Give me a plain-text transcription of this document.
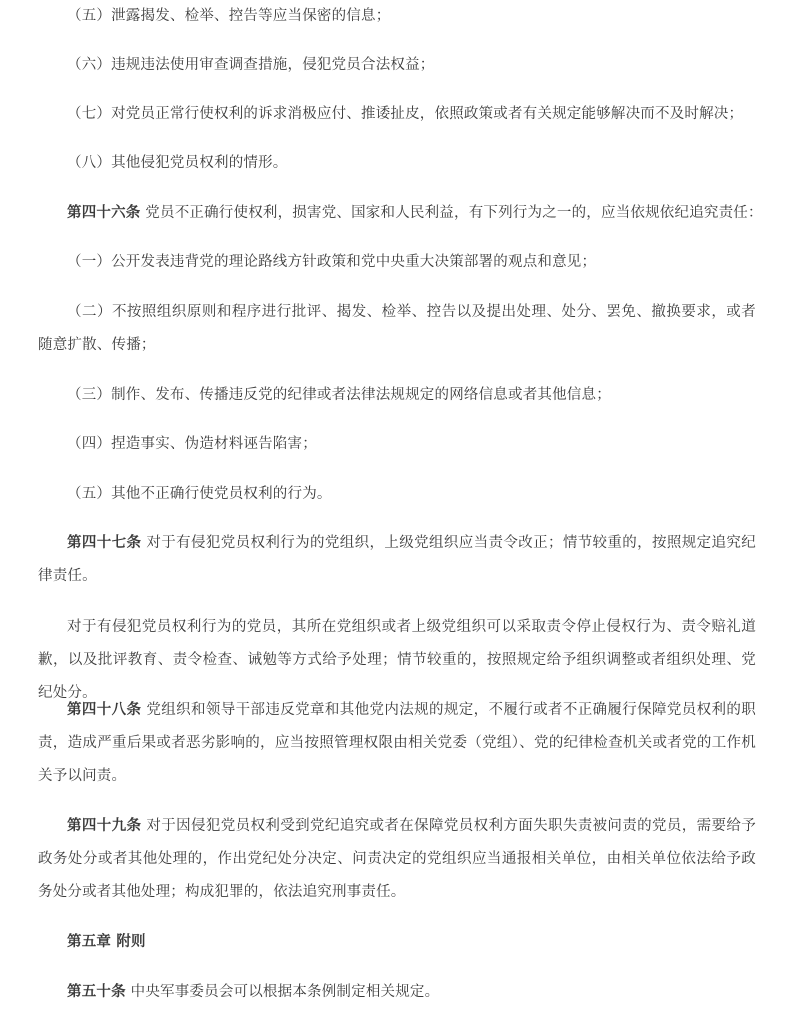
（五）泄露揭发、检举、控告等应当保密的信息；

（六）违规违法使用审查调查措施，侵犯党员合法权益；

（七）对党员正常行使权利的诉求消极应付、推诿扯皮，依照政策或者有关规定能够解决而不及时解决；

（八）其他侵犯党员权利的情形。

第四十六条 党员不正确行使权利，损害党、国家和人民利益，有下列行为之一的，应当依规依纪追究责任：

（一）公开发表违背党的理论路线方针政策和党中央重大决策部署的观点和意见；

（二）不按照组织原则和程序进行批评、揭发、检举、控告以及提出处理、处分、罢免、撤换要求，或者随意扩散、传播；

（三）制作、发布、传播违反党的纪律或者法律法规规定的网络信息或者其他信息；

（四）捏造事实、伪造材料诬告陷害；

（五）其他不正确行使党员权利的行为。

第四十七条 对于有侵犯党员权利行为的党组织，上级党组织应当责令改正；情节较重的，按照规定追究纪律责任。

对于有侵犯党员权利行为的党员，其所在党组织或者上级党组织可以采取责令停止侵权行为、责令赔礼道歉，以及批评教育、责令检查、诫勉等方式给予处理；情节较重的，按照规定给予组织调整或者组织处理、党纪处分。

第四十八条 党组织和领导干部违反党章和其他党内法规的规定，不履行或者不正确履行保障党员权利的职责，造成严重后果或者恶劣影响的，应当按照管理权限由相关党委（党组）、党的纪律检查机关或者党的工作机关予以问责。

第四十九条 对于因侵犯党员权利受到党纪追究或者在保障党员权利方面失职失责被问责的党员，需要给予政务处分或者其他处理的，作出党纪处分决定、问责决定的党组织应当通报相关单位，由相关单位依法给予政务处分或者其他处理；构成犯罪的，依法追究刑事责任。

第五章 附则

第五十条 中央军事委员会可以根据本条例制定相关规定。
